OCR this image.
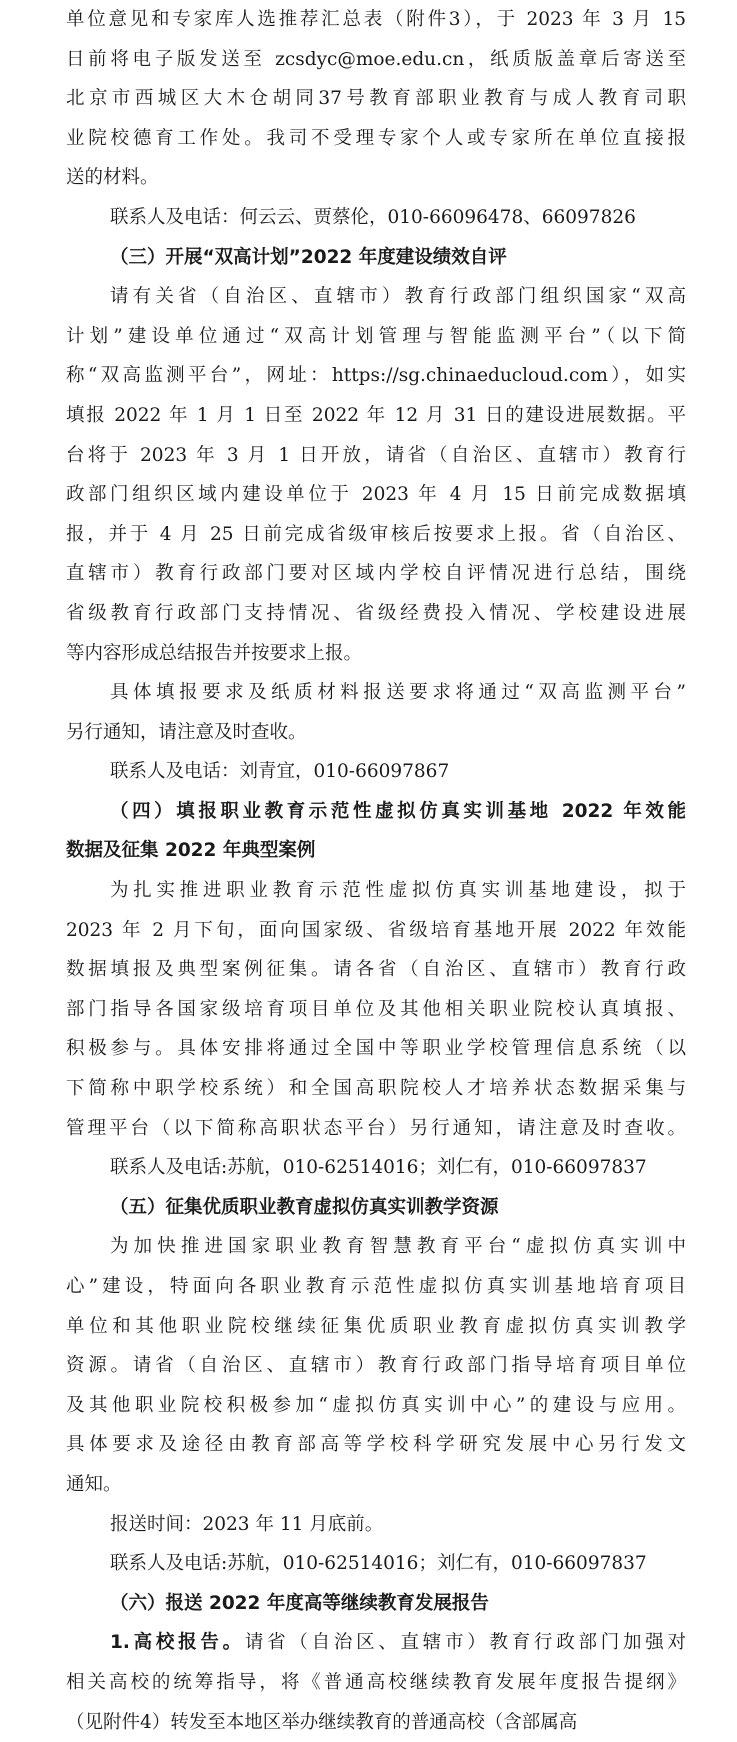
单位意见和专家库人选推荐汇总表（附件3），于 2023 年 3 月 15
日前将电子版发送至 zcsdyc@moe.edu.cn，纸质版盖章后寄送至
北京市西城区大木仓胡同37号教育部职业教育与成人教育司职
业院校德育工作处。我司不受理专家个人或专家所在单位直接报
送的材料。
联系人及电话：何云云、贾蔡伦，010-66096478、66097826
（三）开展“双高计划”2022 年度建设绩效自评
请有关省（自治区、直辖市）教育行政部门组织国家“双高
计划”建设单位通过“双高计划管理与智能监测平台”（以下简
称“双高监测平台”，网址：https://sg.chinaeducloud.com），如实
填报 2022 年 1 月 1 日至 2022 年 12 月 31 日的建设进展数据。平
台将于 2023 年 3 月 1 日开放，请省（自治区、直辖市）教育行
政部门组织区域内建设单位于 2023 年 4 月 15 日前完成数据填
报，并于 4 月 25 日前完成省级审核后按要求上报。省（自治区、
直辖市）教育行政部门要对区域内学校自评情况进行总结，围绕
省级教育行政部门支持情况、省级经费投入情况、学校建设进展
等内容形成总结报告并按要求上报。
具体填报要求及纸质材料报送要求将通过“双高监测平台”
另行通知，请注意及时查收。
联系人及电话：刘青宜，010-66097867
（四）填报职业教育示范性虚拟仿真实训基地 2022 年效能
数据及征集 2022 年典型案例
为扎实推进职业教育示范性虚拟仿真实训基地建设，拟于
2023 年 2 月下旬，面向国家级、省级培育基地开展 2022 年效能
数据填报及典型案例征集。请各省（自治区、直辖市）教育行政
部门指导各国家级培育项目单位及其他相关职业院校认真填报、
积极参与。具体安排将通过全国中等职业学校管理信息系统（以
下简称中职学校系统）和全国高职院校人才培养状态数据采集与
管理平台（以下简称高职状态平台）另行通知，请注意及时查收。
联系人及电话:苏航，010-62514016；刘仁有，010-66097837
（五）征集优质职业教育虚拟仿真实训教学资源
为加快推进国家职业教育智慧教育平台“虚拟仿真实训中
心”建设，特面向各职业教育示范性虚拟仿真实训基地培育项目
单位和其他职业院校继续征集优质职业教育虚拟仿真实训教学
资源。请省（自治区、直辖市）教育行政部门指导培育项目单位
及其他职业院校积极参加“虚拟仿真实训中心”的建设与应用。
具体要求及途径由教育部高等学校科学研究发展中心另行发文
通知。
报送时间：2023 年 11 月底前。
联系人及电话:苏航，010-62514016；刘仁有，010-66097837
（六）报送 2022 年度高等继续教育发展报告
1.高校报告。请省（自治区、直辖市）教育行政部门加强对
相关高校的统筹指导，将《普通高校继续教育发展年度报告提纲》
（见附件4）转发至本地区举办继续教育的普通高校（含部属高
